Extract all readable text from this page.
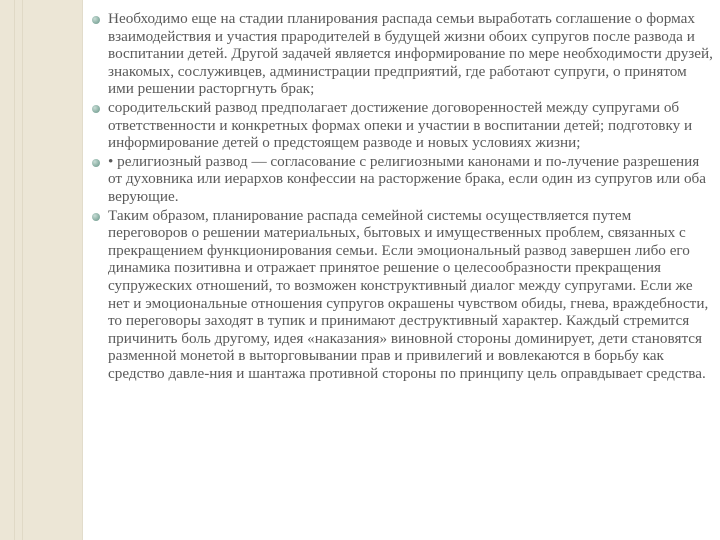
Необходимо еще на стадии планирования распада семьи выработать соглашение о формах взаимодействия и участия прародителей в будущей жизни обоих супругов после развода и воспитании детей. Другой задачей является информирование по мере необходимости друзей, знакомых, сослуживцев, администрации предприятий, где работают супруги, о принятом ими решении расторгнуть брак;
сородительский развод предполагает достижение договоренностей между супругами об ответственности и конкретных формах опеки и участии в воспитании детей; подготовку и информирование детей о предстоящем разводе и новых условиях жизни;
• религиозный развод — согласование с религиозными канонами и по-лучение разрешения от духовника или иерархов конфессии на расторжение брака, если один из супругов или оба верующие.
Таким образом, планирование распада семейной системы осуществляется путем переговоров о решении материальных, бытовых и имущественных проблем, связанных с прекращением функционирования семьи. Если эмоциональный развод завершен либо его динамика позитивна и отражает принятое решение о целесообразности прекращения супружеских отношений, то возможен конструктивный диалог между супругами. Если же нет и эмоциональные отношения супругов окрашены чувством обиды, гнева, враждебности, то переговоры заходят в тупик и принимают деструктивный характер. Каждый стремится причинить боль другому, идея «наказания» виновной стороны доминирует, дети становятся разменной монетой в выторговывании прав и привилегий и вовлекаются в борьбу как средство давле-ния и шантажа противной стороны по принципу цель оправдывает средства.
